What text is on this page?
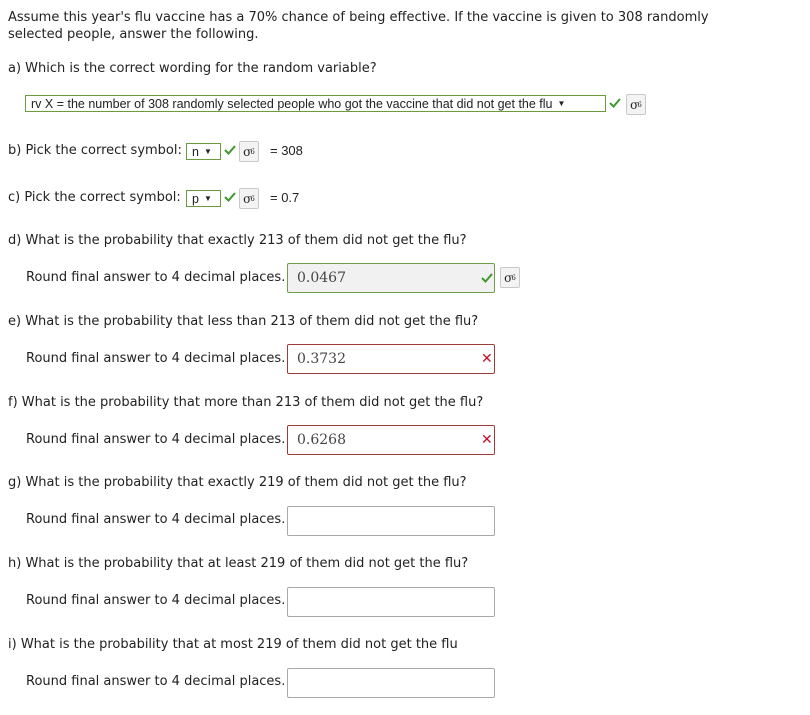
Assume this year's flu vaccine has a 70% chance of being effective. If the vaccine is given to 308 randomly
selected people, answer the following.
a) Which is the correct wording for the random variable?
rv X = the number of 308 randomly selected people who got the vaccine that did not get the flu ▼	σ 6
b) Pick the correct symbol: n ▼	σ 6 = 308
c) Pick the correct symbol: p ▼	σ 6 = 0.7
d) What is the probability that exactly 213 of them did not get the flu?
Round final answer to 4 decimal places. 0.0467	σ 6
e) What is the probability that less than 213 of them did not get the flu?
Round final answer to 4 decimal places. 0.3732	✕
f) What is the probability that more than 213 of them did not get the flu?
Round final answer to 4 decimal places. 0.6268	✕
g) What is the probability that exactly 219 of them did not get the flu?
Round final answer to 4 decimal places.
h) What is the probability that at least 219 of them did not get the flu?
Round final answer to 4 decimal places.
i) What is the probability that at most 219 of them did not get the flu
Round final answer to 4 decimal places.
